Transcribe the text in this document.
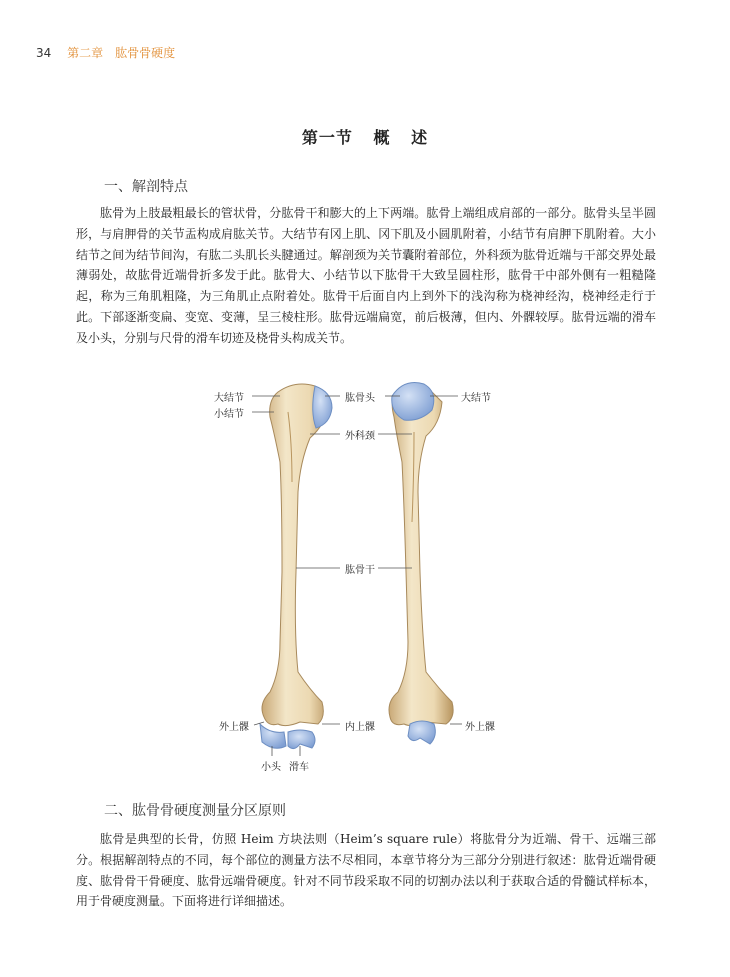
34 第二章　肱骨骨硬度
第一节 概 述
一、解剖特点

肱骨为上肢最粗最长的管状骨，分肱骨干和膨大的上下两端。肱骨上端组成肩部的一部分。肱骨头呈半圆形，与肩胛骨的关节盂构成肩肱关节。大结节有冈上肌、冈下肌及小圆肌附着，小结节有肩胛下肌附着。大小结节之间为结节间沟，有肱二头肌长头腱通过。解剖颈为关节囊附着部位，外科颈为肱骨近端与干部交界处最薄弱处，故肱骨近端骨折多发于此。肱骨大、小结节以下肱骨干大致呈圆柱形，肱骨干中部外侧有一粗糙隆起，称为三角肌粗隆，为三角肌止点附着处。肱骨干后面自内上到外下的浅沟称为桡神经沟，桡神经走行于此。下部逐渐变扁、变宽、变薄，呈三棱柱形。肱骨远端扁宽，前后极薄，但内、外髁较厚。肱骨远端的滑车及小头，分别与尺骨的滑车切迹及桡骨头构成关节。

大结节
小结节
肱骨头	大结节
外科颈
肱骨干
外上髁	内上髁	外上髁
小头 滑车
二、肱骨骨硬度测量分区原则

肱骨是典型的长骨，仿照 Heim 方块法则（Heim’s square rule）将肱骨分为近端、骨干、远端三部分。根据解剖特点的不同，每个部位的测量方法不尽相同，本章节将分为三部分分别进行叙述：肱骨近端骨硬度、肱骨骨干骨硬度、肱骨远端骨硬度。针对不同节段采取不同的切割办法以利于获取合适的骨髓试样标本，用于骨硬度测量。下面将进行详细描述。
